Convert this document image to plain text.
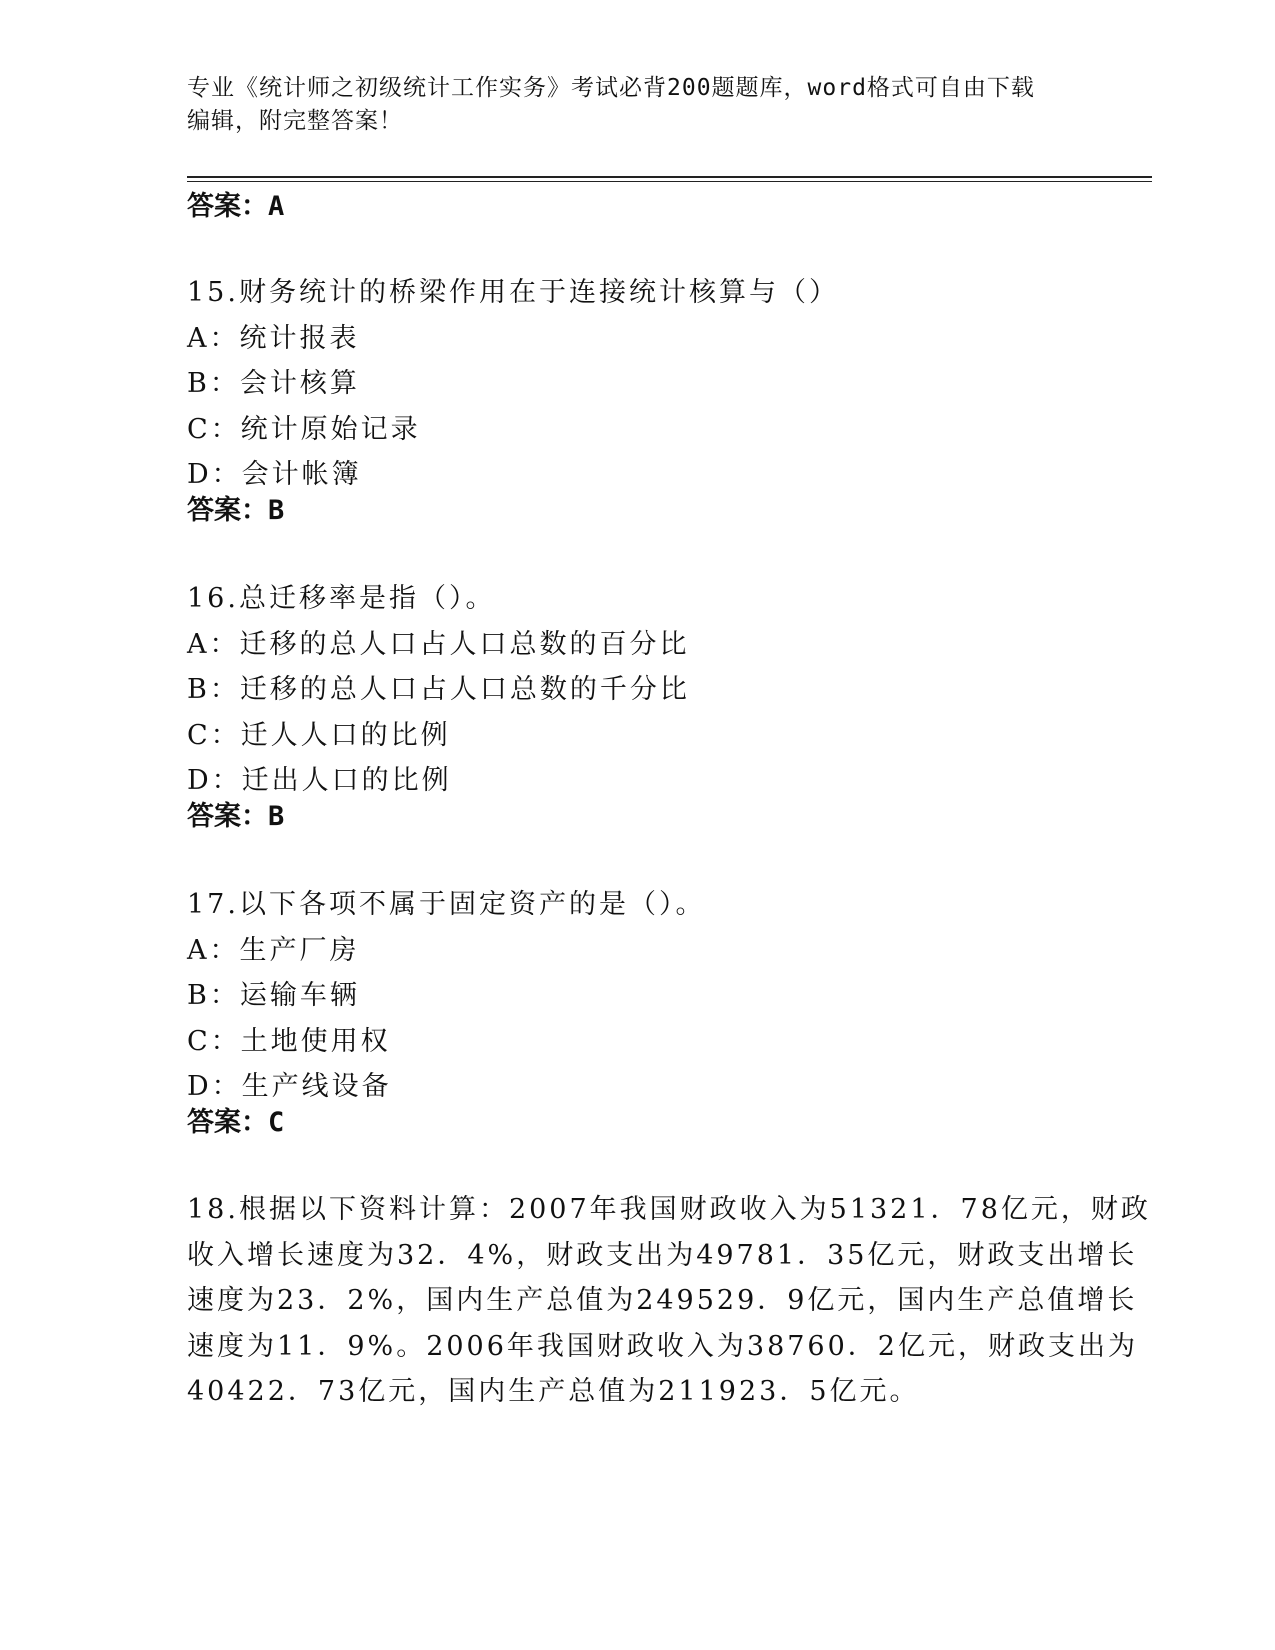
专业《统计师之初级统计工作实务》考试必背200题题库，word格式可自由下载
编辑，附完整答案！
答案：A
15.财务统计的桥梁作用在于连接统计核算与（）
A：统计报表
B：会计核算
C：统计原始记录
D：会计帐簿
答案：B
16.总迁移率是指（）。
A：迁移的总人口占人口总数的百分比
B：迁移的总人口占人口总数的千分比
C：迁人人口的比例
D：迁出人口的比例
答案：B
17.以下各项不属于固定资产的是（）。
A：生产厂房
B：运输车辆
C：土地使用权
D：生产线设备
答案：C
18.根据以下资料计算：2007年我国财政收入为51321．78亿元，财政
收入增长速度为32．4%，财政支出为49781．35亿元，财政支出增长
速度为23．2%，国内生产总值为249529．9亿元，国内生产总值增长
速度为11．9%。2006年我国财政收入为38760．2亿元，财政支出为
40422．73亿元，国内生产总值为211923．5亿元。
